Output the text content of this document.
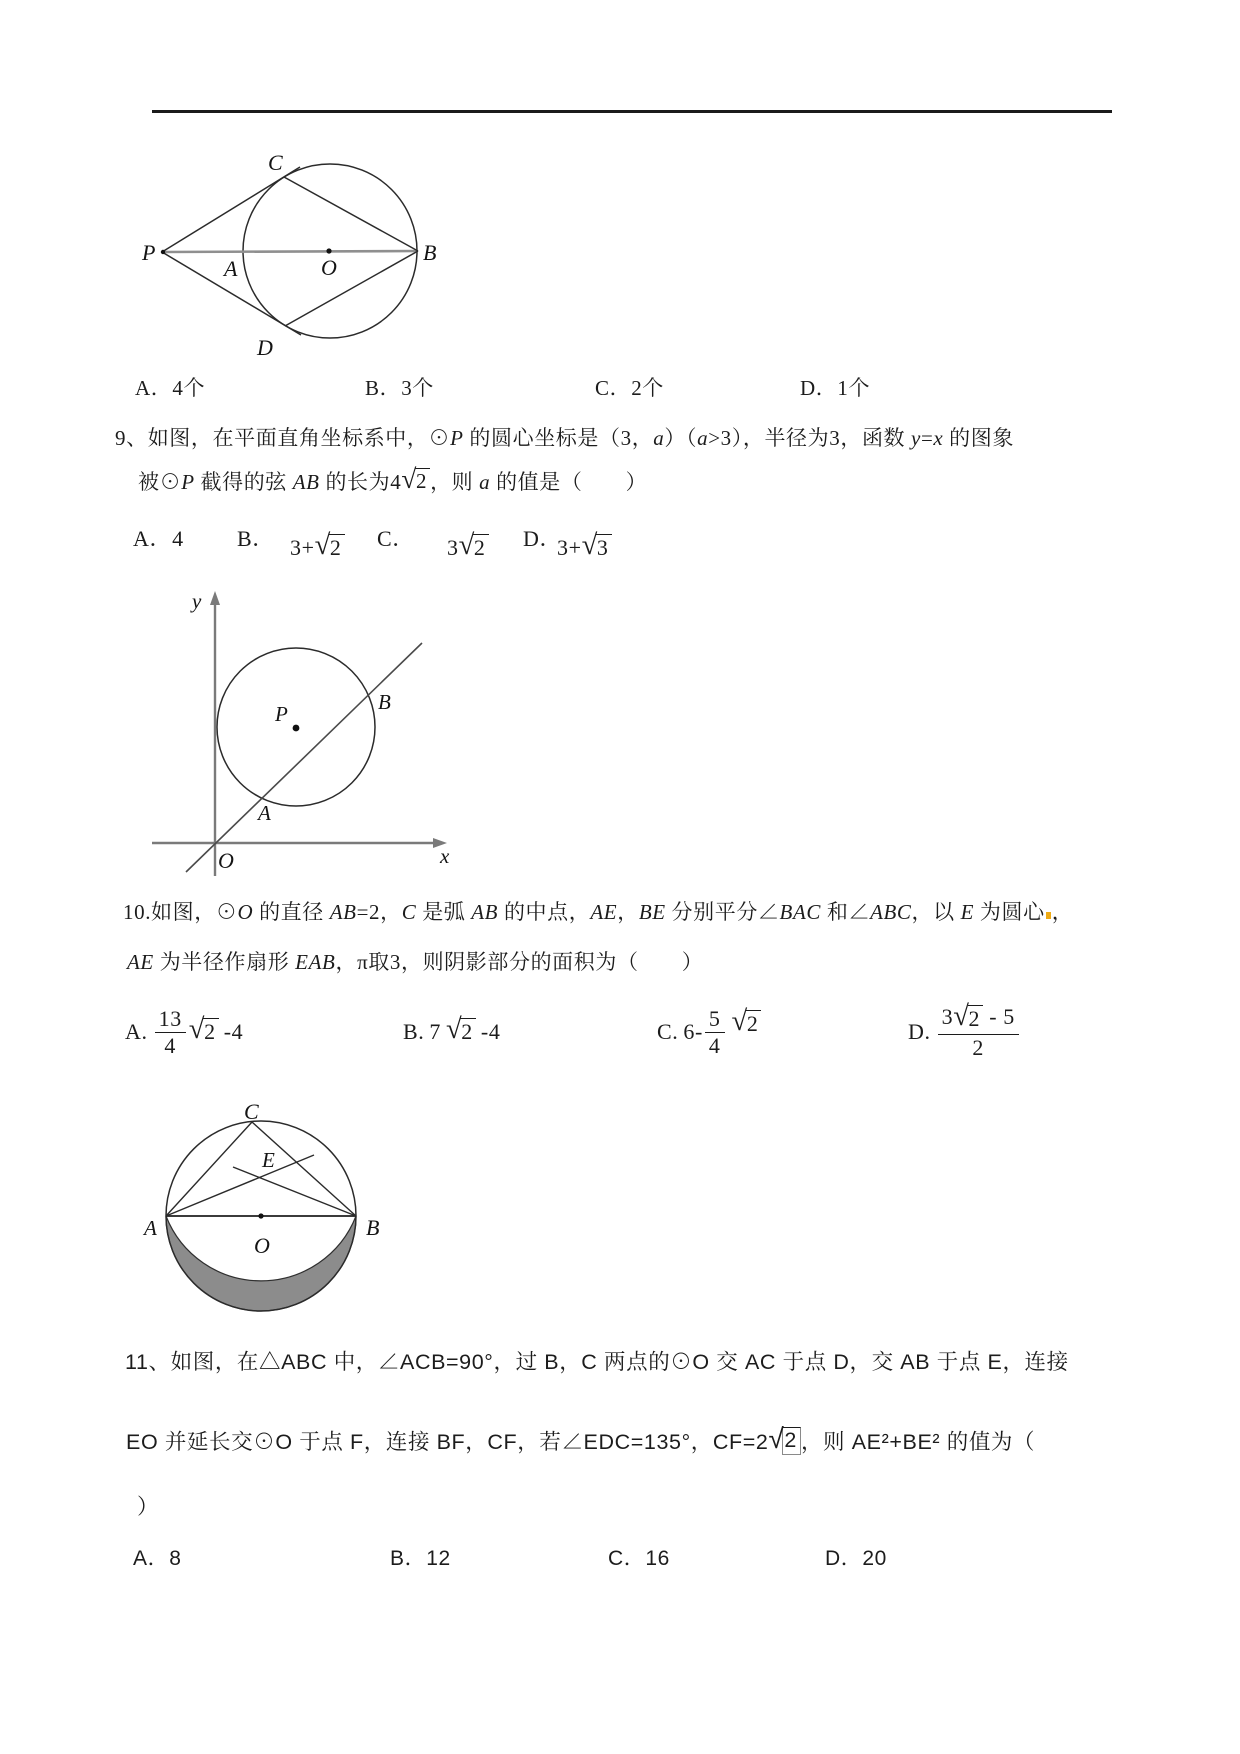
P
A	O
B
C
D
A．4个	B．3个	C．2个	D．1个
9、如图，在平面直角坐标系中，⊙P 的圆心坐标是（3，a）（a>3），半径为3，函数 y=x 的图象
被⊙P 截得的弦 AB 的长为4 √ 2 ，则 a 的值是（　　）
A．4 B． 3+ √ 2 C． 3 √ 2 D．
3+ √ 3
y
x
O
P
A
B
10.如图，⊙O 的直径 AB=2，C 是弧 AB 的中点，AE，BE 分别平分∠BAC 和∠ABC，以 E 为圆心 ，
AE 为半径作扇形 EAB，π取3，则阴影部分的面积为（　　）
A. $\frac{13}{4}$ √ 2 -4	B. 7 √ 2 -4	C. $6- \frac{5}{4}$ √ 2	D. $\frac{3 √ 2 - 5}{2}$
C
E
A	B
O
11、如图，在△ABC 中，∠ACB=90°，过 B，C 两点的⊙O 交 AC 于点 D，交 AB 于点 E，连接
EO 并延长交⊙O 于点 F，连接 BF，CF，若∠EDC=135°，CF=2 √ 2 ，则 AE²+BE² 的值为（
）
A．8	B．12	C．16	D．20
